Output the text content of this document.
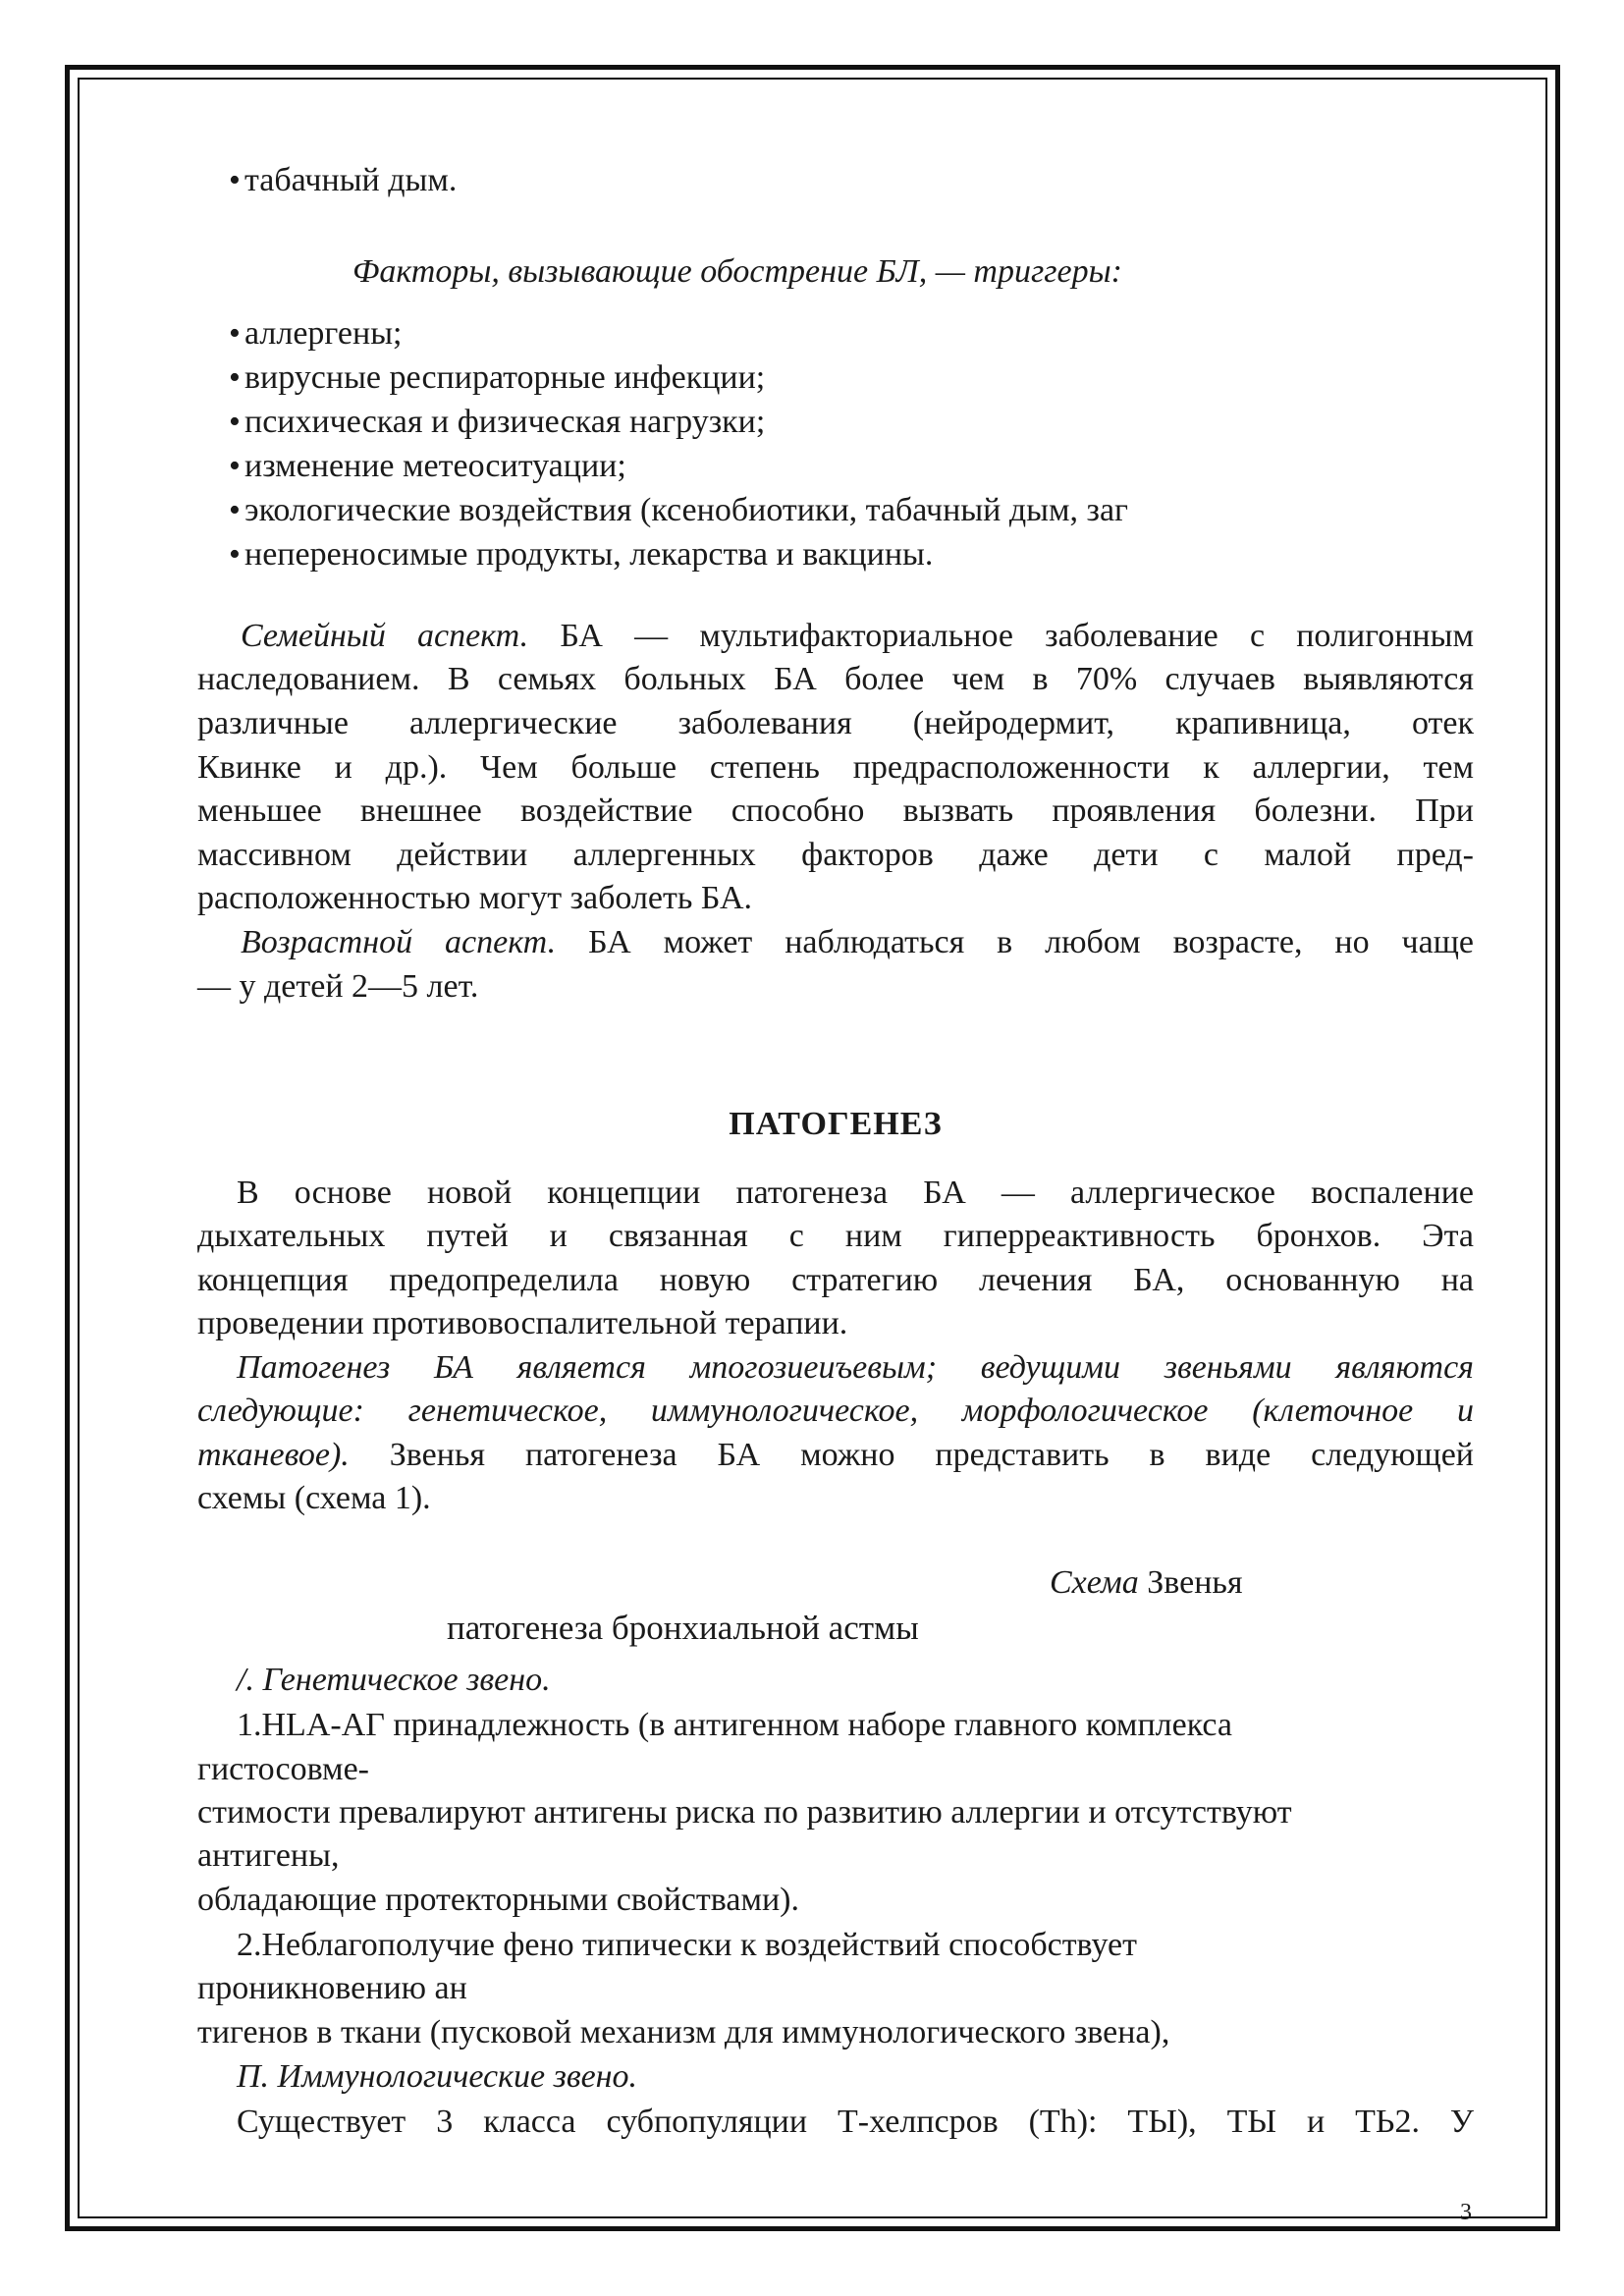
• табачный дым.
Факторы, вызывающие обострение БЛ, — триггеры:
• аллергены;
• вирусные респираторные инфекции;
• психическая и физическая нагрузки;
• изменение метеоситуации;
• экологические воздействия (ксенобиотики, табачный дым, заг
• непереносимые продукты, лекарства и вакцины.
Семейный аспект. БА — мультифакториальное заболевание с полигонным
наследованием. В семьях больных БА более чем в 70% случаев выявляются
различные аллергические заболевания (нейродермит, крапивница, отек
Квинке и др.). Чем больше степень предрасположенности к аллергии, тем
меньшее внешнее воздействие способно вызвать проявления болезни. При
массивном действии аллергенных факторов даже дети с малой пред-
расположенностью могут заболеть БА.
Возрастной аспект. БА может наблюдаться в любом возрасте, но чаще
— у детей 2—5 лет.
ПАТОГЕНЕЗ
В основе новой концепции патогенеза БА — аллергическое воспаление
дыхательных путей и связанная с ним гиперреактивность бронхов. Эта
концепция предопределила новую стратегию лечения БА, основанную на
проведении противовоспалительной терапии.
Патогенез БА является мпогозиеиъевым; ведущими звеньями являются
следующие: генетическое, иммунологическое, морфологическое (клеточное и
тканевое). Звенья патогенеза БА можно представить в виде следующей
схемы (схема 1).
Схема Звенья
патогенеза бронхиальной астмы
/. Генетическое звено.
1.HLA-АГ принадлежность (в антигенном наборе главного комплекса
гистосовме-
стимости превалируют антигены риска по развитию аллергии и отсутствуют
антигены,
обладающие протекторными свойствами).
2.Неблагополучие фено типически к воздействий способствует
проникновению ан
тигенов в ткани (пусковой механизм для иммунологического звена),
П. Иммунологические звено.
Существует 3 класса субпопуляции Т-хелпсров (Th): ТЫ), ТЫ и ТЬ2. У
3
